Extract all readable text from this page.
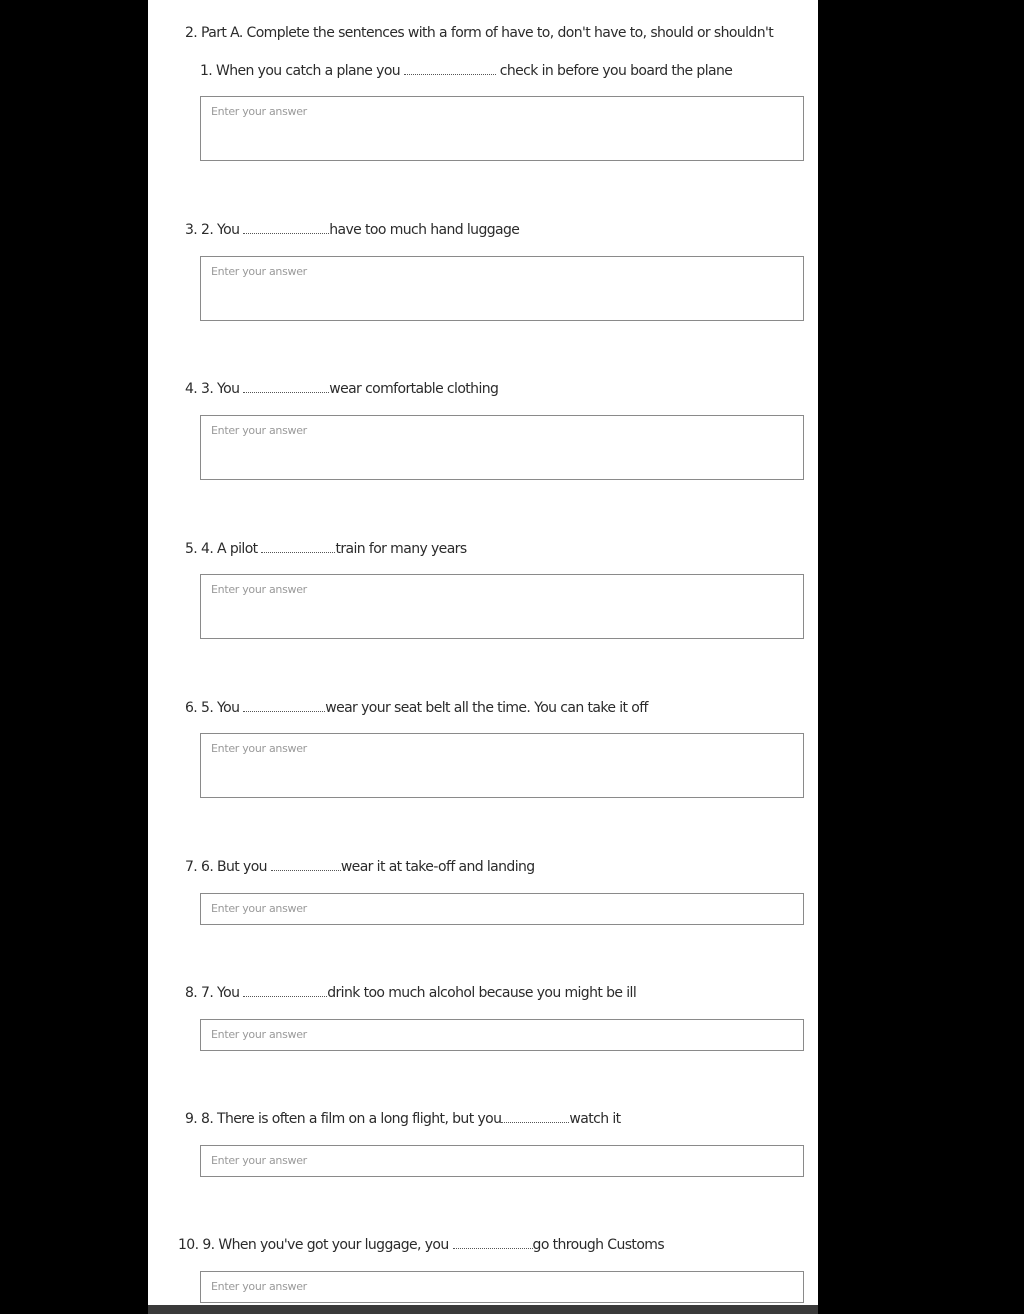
2. Part A. Complete the sentences with a form of have to, don't have to, should or shouldn't
1. When you catch a plane you	check in before you board the plane
Enter your answer
3. 2. You	have too much hand luggage
Enter your answer
4. 3. You	wear comfortable clothing
Enter your answer
5. 4. A pilot	train for many years
Enter your answer
6. 5. You	wear your seat belt all the time. You can take it off
Enter your answer
7. 6. But you	wear it at take-off and landing
Enter your answer
8. 7. You	drink too much alcohol because you might be ill
Enter your answer
9. 8. There is often a film on a long flight, but you	watch it
Enter your answer
10. 9. When you've got your luggage, you	go through Customs
Enter your answer
